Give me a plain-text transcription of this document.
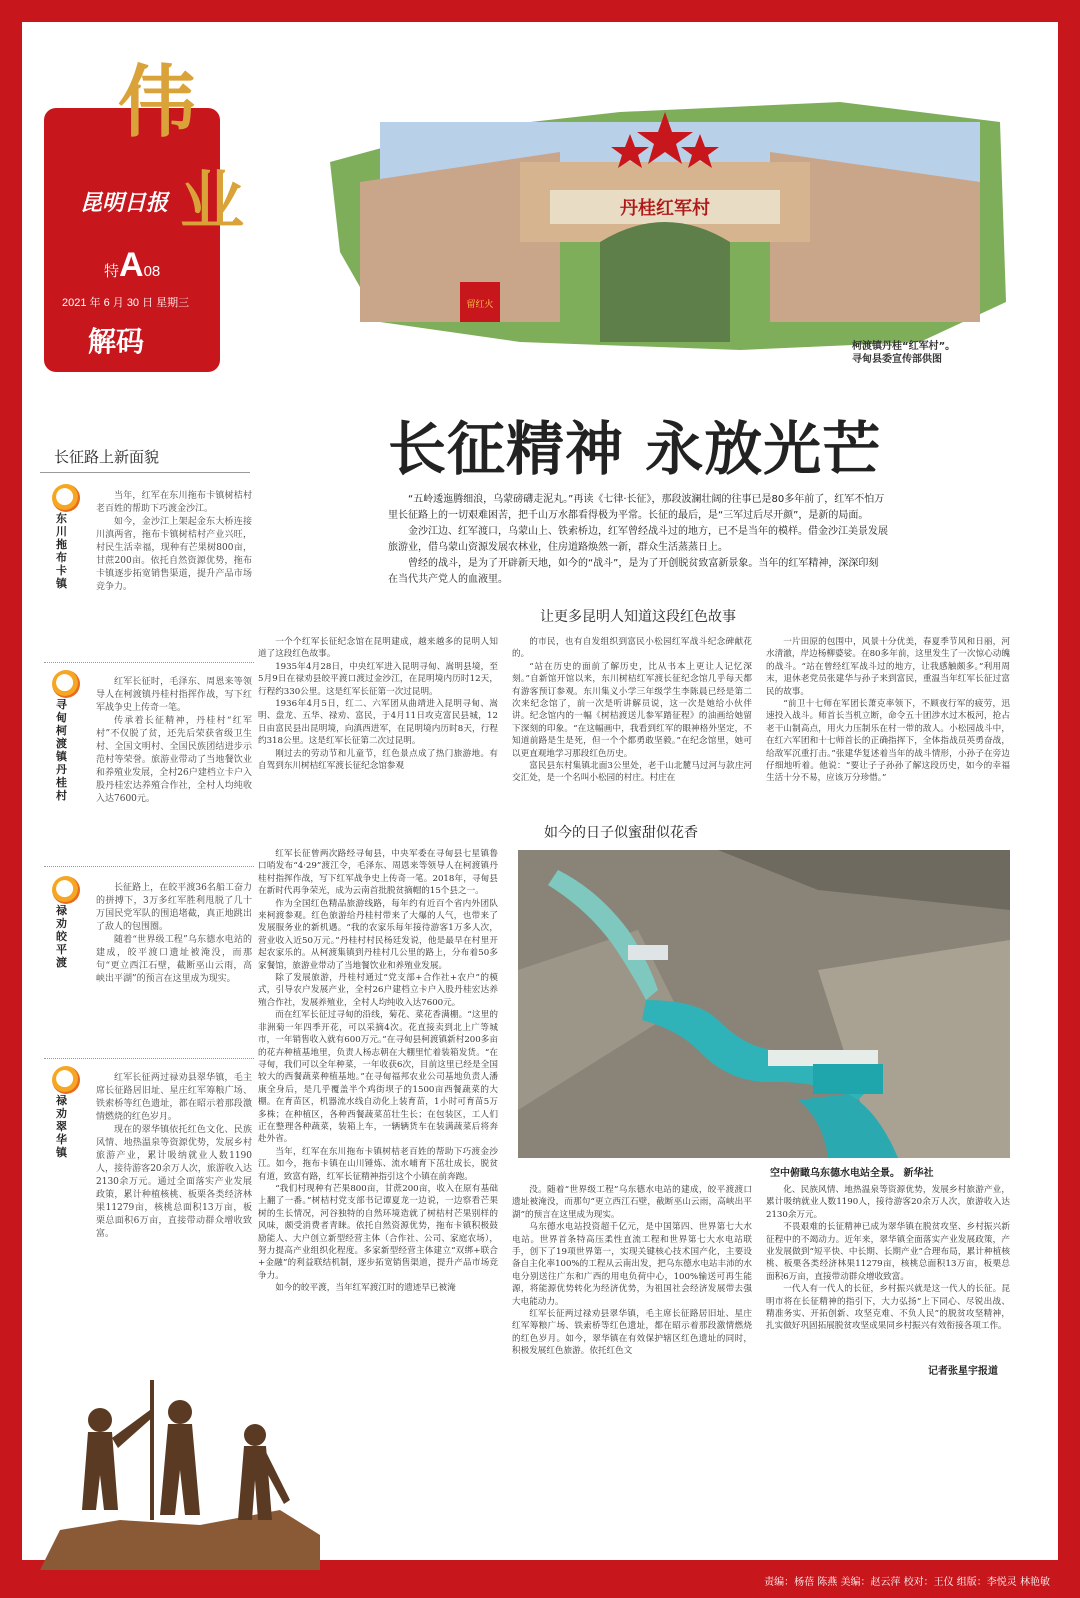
责编：杨蓓 陈燕 美编：赵云萍 校对：王仪 组版：李悦灵 林艳敏
伟
业
昆明日报
特A08
2021 年 6 月 30 日 星期三
解码
丹桂红军村
留红火
柯渡镇丹桂“红军村”。
寻甸县委宣传部供图
长征精神 永放光芒

“五岭逶迤腾细浪，乌蒙磅礴走泥丸。”再读《七律·长征》，那段波澜壮阔的往事已是80多年前了，红军不怕万里长征路上的一切艰难困苦，把千山万水都看得极为平常。长征的最后，是“三军过后尽开颜”，是新的局面。

金沙江边、红军渡口，乌蒙山上、铁索桥边，红军曾经战斗过的地方，已不是当年的模样。借金沙江美景发展旅游业，借乌蒙山资源发展农林业，住房道路焕然一新，群众生活蒸蒸日上。

曾经的战斗，是为了开辟新天地，如今的“战斗”，是为了开创脱贫致富新景象。当年的红军精神，深深印刻在当代共产党人的血液里。

长征路上新面貌
东川拖布卡镇

当年，红军在东川拖布卡镇树桔村老百姓的帮助下巧渡金沙江。

如今，金沙江上架起金东大桥连接川滇两省，拖布卡镇树桔村产业兴旺，村民生活幸福，现种有芒果树800亩，甘蔗200亩。依托自然资源优势，拖布卡镇逐步拓宽销售渠道，提升产品市场竞争力。

寻甸柯渡镇丹桂村

红军长征时，毛泽东、周恩来等领导人在柯渡镇丹桂村指挥作战，写下红军战争史上传奇一笔。

传承着长征精神，丹桂村“红军村”不仅脱了贫，还先后荣获省级卫生村、全国文明村、全国民族团结进步示范村等荣誉。旅游业带动了当地餐饮业和养殖业发展，全村26户建档立卡户入股丹桂宏达养殖合作社，全村人均纯收入达7600元。

禄劝皎平渡

长征路上，在皎平渡36名船工奋力的拼搏下，3万多红军胜利甩脱了几十万国民党军队的围追堵截，真正地跳出了敌人的包围圈。

随着“世界级工程”乌东德水电站的建成，皎平渡口遗址被淹没，而那句“更立西江石壁，截断巫山云雨，高峡出平湖”的预言在这里成为现实。

禄劝翠华镇

红军长征两过禄劝县翠华镇，毛主席长征路居旧址、星庄红军筹粮广场、铁索桥等红色遗址，都在昭示着那段激情燃烧的红色岁月。

现在的翠华镇依托红色文化、民族风情、地热温泉等资源优势，发展乡村旅游产业，累计吸纳就业人数1190人，接待游客20余万人次，旅游收入达2130余万元。通过全面落实产业发展政策，累计种植核桃、板栗各类经济林果11279亩，核桃总面积13万亩，板栗总面积6万亩，直接带动群众增收致富。

让更多昆明人知道这段红色故事

一个个红军长征纪念馆在昆明建成，越来越多的昆明人知道了这段红色故事。

1935年4月28日，中央红军进入昆明寻甸、嵩明县境，至5月9日在禄劝县皎平渡口渡过金沙江，在昆明境内历时12天，行程约330公里。这是红军长征第一次过昆明。

1936年4月5日，红二、六军团从曲靖进入昆明寻甸、嵩明、盘龙、五华、禄劝、富民，于4月11日攻克富民县城，12日由富民县出昆明境，向滇西进军，在昆明境内历时8天，行程约318公里。这是红军长征第二次过昆明。

刚过去的劳动节和儿童节，红色景点成了热门旅游地。有自驾到东川树桔红军渡长征纪念馆参观

的市民，也有自发组织到富民小松园红军战斗纪念碑献花的。

“站在历史的面前了解历史，比从书本上更让人记忆深刻。”自新馆开馆以来，东川树桔红军渡长征纪念馆几乎每天都有游客预订参观。东川集义小学三年级学生李陈晨已经是第二次来纪念馆了，前一次是听讲解员说，这一次是她给小伙伴讲。纪念馆内的一幅《树桔渡送儿参军踏征程》的油画给她留下深刻的印象。“在这幅画中，我看到红军的眼神格外坚定，不知道前路是生是死，但一个个都勇敢坚毅。”在纪念馆里，她可以更直观地学习那段红色历史。

富民县东村集镇北面3公里处，老千山北麓马过河与款庄河交汇处，是一个名叫小松园的村庄。村庄在

一片田原的包围中，风景十分优美，春夏季节风和日丽，河水清澈，岸边杨柳婆娑。在80多年前，这里发生了一次惊心动魄的战斗。“站在曾经红军战斗过的地方，让我感触颇多。”利用周末，退休老党员张建华与孙子来到富民，重温当年红军长征过富民的故事。

“前卫十七师在军团长萧克率领下，不顾夜行军的疲劳，迅速投入战斗。师首长当机立断，命令五十团涉水过木板河，抢占老干山制高点，用火力压制乐在村一带的敌人。小松园战斗中，在红六军团和十七师首长的正确指挥下，全体指战员英勇奋战，给敌军沉重打击。”张建华复述着当年的战斗情形，小孙子在旁边仔细地听着。他说：“要让子子孙孙了解这段历史，如今的幸福生活十分不易，应该万分珍惜。”

如今的日子似蜜甜似花香

红军长征曾两次路经寻甸县，中央军委在寻甸县七星镇鲁口哨发布“4·29”渡江令，毛泽东、周恩来等领导人在柯渡镇丹桂村指挥作战，写下红军战争史上传奇一笔。2018年，寻甸县在新时代再争荣光，成为云南首批脱贫摘帽的15个县之一。

作为全国红色精品旅游线路，每年约有近百个省内外团队来柯渡参观。红色旅游给丹桂村带来了大爆的人气，也带来了发展服务业的新机遇。“我的农家乐每年接待游客1万多人次，营业收入近50万元。”丹桂村村民杨廷发说，他是最早在村里开起农家乐的。从柯渡集镇到丹桂村几公里的路上，分布着50多家餐馆，旅游业带动了当地餐饮业和养殖业发展。

除了发展旅游，丹桂村通过“党支部+合作社+农户”的模式，引导农户发展产业，全村26户建档立卡户入股丹桂宏达养殖合作社，发展养殖业，全村人均纯收入达7600元。

而在红军长征过寻甸的沿线，菊花、菜花香满棚。“这里的非洲菊一年四季开花，可以采摘4次。花直接卖到北上广等城市，一年销售收入就有600万元。”在寻甸县柯渡镇新村200多亩的花卉种植基地里，负责人杨志朝在大棚里忙着装箱发货。“在寻甸，我们可以全年种菜，一年收获6次，目前这里已经是全国较大的西餐蔬菜种植基地。”在寻甸福邦农业公司基地负责人潘康全身后，是几乎覆盖半个鸡街坝子的1500亩西餐蔬菜的大棚。在育苗区，机器流水线自动化上装育苗，1小时可育苗5万多株；在种植区，各种西餐蔬菜茁壮生长；在包装区，工人们正在整理各种蔬菜，装箱上车，一辆辆货车在装满蔬菜后将奔赴外省。

当年，红军在东川拖布卡镇树桔老百姓的帮助下巧渡金沙江。如今，拖布卡镇在山川锤炼、流水哺育下茁壮成长，脱贫有道，致富有路，红军长征精神指引这个小镇在前奔跑。

“我们村现种有芒果800亩，甘蔗200亩，收入在原有基础上翻了一番。”树桔村党支部书记谭夏龙一边说，一边察看芒果树的生长情况，河谷独特的自然环境造就了树桔村芒果别样的风味，颇受消费者青睐。依托自然资源优势，拖布卡镇积极鼓励能人、大户创立新型经营主体（合作社、公司、家庭农场），努力提高产业组织化程度。多家新型经营主体建立“双绑+联合+金融”的利益联结机制，逐步拓宽销售渠道，提升产品市场竞争力。

如今的皎平渡，当年红军渡江时的遗迹早已被淹

空中俯瞰乌东德水电站全景。 新华社

没。随着“世界级工程”乌东德水电站的建成，皎平渡渡口遗址被淹没，而那句“更立西江石壁，截断巫山云雨，高峡出平湖”的预言在这里成为现实。

乌东德水电站投资超千亿元，是中国第四、世界第七大水电站。世界首条特高压柔性直流工程和世界第七大水电站联手，创下了19项世界第一，实现关键核心技术国产化，主要设备自主化率100%的工程从云南出发，把乌东德水电站丰沛的水电分别送往广东和广西的用电负荷中心，100%输送可再生能源，将能源优势转化为经济优势，为祖国社会经济发展带去强大电能动力。

红军长征两过禄劝县翠华镇，毛主席长征路居旧址、星庄红军筹粮广场、铁索桥等红色遗址，都在昭示着那段激情燃烧的红色岁月。如今，翠华镇在有效保护辖区红色遗址的同时，积极发展红色旅游。依托红色文

化、民族风情、地热温泉等资源优势，发展乡村旅游产业，累计吸纳就业人数1190人，接待游客20余万人次，旅游收入达2130余万元。

不畏艰难的长征精神已成为翠华镇在脱贫攻坚、乡村振兴新征程中的不竭动力。近年来，翠华镇全面落实产业发展政策，产业发展做到“短平快、中长期、长期产业”合理布局，累计种植核桃、板栗各类经济林果11279亩，核桃总面积13万亩，板栗总面积6万亩，直接带动群众增收致富。

一代人有一代人的长征，乡村振兴就是这一代人的长征。昆明市将在长征精神的指引下，大力弘扬“上下同心、尽锐出战、精准务实、开拓创新、攻坚克难、不负人民”的脱贫攻坚精神，扎实做好巩固拓展脱贫攻坚成果同乡村振兴有效衔接各项工作。

记者张星宇报道
